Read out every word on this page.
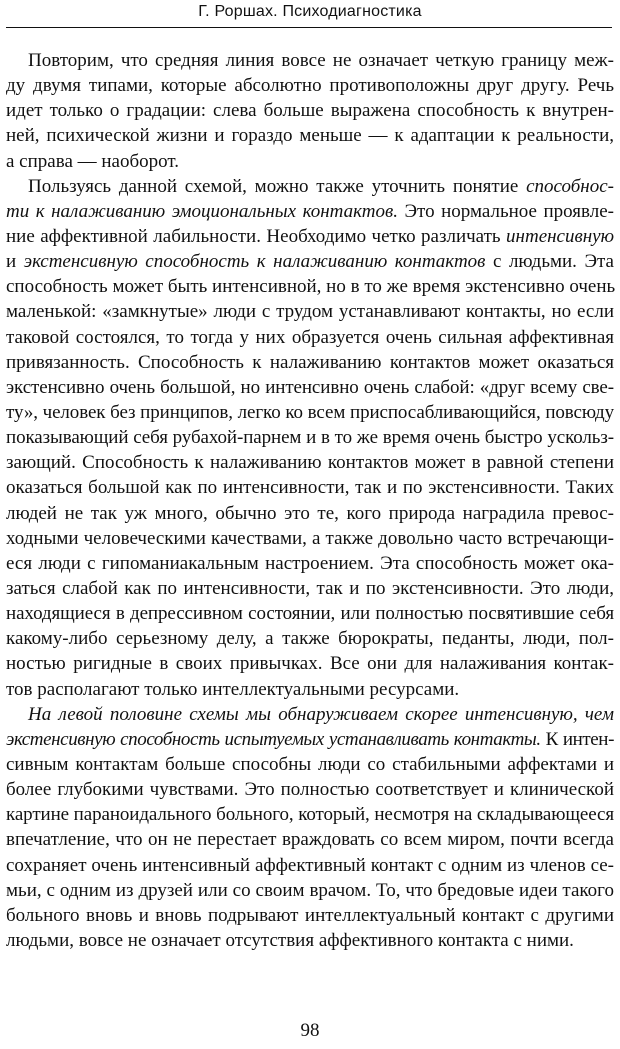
Г. Роршах. Психодиагностика
Повторим, что средняя линия вовсе не означает четкую границу меж-
ду двумя типами, которые абсолютно противоположны друг другу. Речь
идет только о градации: слева больше выражена способность к внутрен-
ней, психической жизни и гораздо меньше — к адаптации к реальности,
а справа — наоборот.
Пользуясь данной схемой, можно также уточнить понятие способнос-
ти к налаживанию эмоциональных контактов. Это нормальное проявле-
ние аффективной лабильности. Необходимо четко различать интенсивную
и экстенсивную способность к налаживанию контактов с людьми. Эта
способность может быть интенсивной, но в то же время экстенсивно очень
маленькой: «замкнутые» люди с трудом устанавливают контакты, но если
таковой состоялся, то тогда у них образуется очень сильная аффективная
привязанность. Способность к налаживанию контактов может оказаться
экстенсивно очень большой, но интенсивно очень слабой: «друг всему све-
ту», человек без принципов, легко ко всем приспосабливающийся, повсюду
показывающий себя рубахой-парнем и в то же время очень быстро ускольз-
зающий. Способность к налаживанию контактов может в равной степени
оказаться большой как по интенсивности, так и по экстенсивности. Таких
людей не так уж много, обычно это те, кого природа наградила превос-
ходными человеческими качествами, а также довольно часто встречающи-
еся люди с гипоманиакальным настроением. Эта способность может ока-
заться слабой как по интенсивности, так и по экстенсивности. Это люди,
находящиеся в депрессивном состоянии, или полностью посвятившие себя
какому-либо серьезному делу, а также бюрократы, педанты, люди, пол-
ностью ригидные в своих привычках. Все они для налаживания контак-
тов располагают только интеллектуальными ресурсами.
На левой половине схемы мы обнаруживаем скорее интенсивную, чем
экстенсивную способность испытуемых устанавливать контакты. К интен-
сивным контактам больше способны люди со стабильными аффектами и
более глубокими чувствами. Это полностью соответствует и клинической
картине параноидального больного, который, несмотря на складывающееся
впечатление, что он не перестает враждовать со всем миром, почти всегда
сохраняет очень интенсивный аффективный контакт с одним из членов се-
мьи, с одним из друзей или со своим врачом. То, что бредовые идеи такого
больного вновь и вновь подрывают интеллектуальный контакт с другими
людьми, вовсе не означает отсутствия аффективного контакта с ними.
98
